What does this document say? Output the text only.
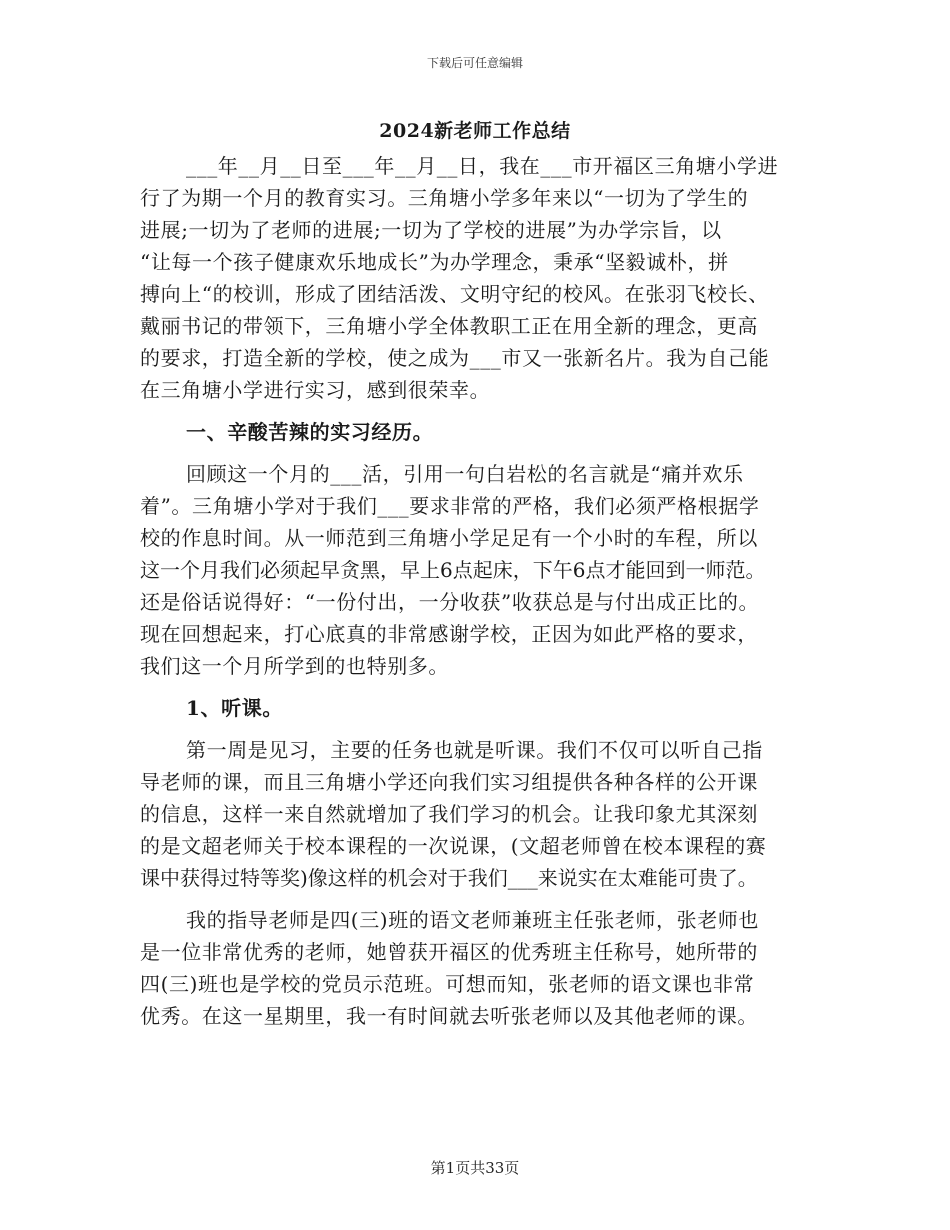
下载后可任意编辑
2024新老师工作总结
___年__月__日至___年__月__日，我在___市开福区三角塘小学进
行了为期一个月的教育实习。三角塘小学多年来以“一切为了学生的
进展;一切为了老师的进展;一切为了学校的进展”为办学宗旨，以
“让每一个孩子健康欢乐地成长”为办学理念，秉承“坚毅诚朴，拼
搏向上“的校训，形成了团结活泼、文明守纪的校风。在张羽飞校长、
戴丽书记的带领下，三角塘小学全体教职工正在用全新的理念，更高
的要求，打造全新的学校，使之成为___市又一张新名片。我为自己能
在三角塘小学进行实习，感到很荣幸。
一、辛酸苦辣的实习经历。
回顾这一个月的___活，引用一句白岩松的名言就是“痛并欢乐
着”。三角塘小学对于我们___要求非常的严格，我们必须严格根据学
校的作息时间。从一师范到三角塘小学足足有一个小时的车程，所以
这一个月我们必须起早贪黑，早上6点起床，下午6点才能回到一师范。
还是俗话说得好：“一份付出，一分收获”收获总是与付出成正比的。
现在回想起来，打心底真的非常感谢学校，正因为如此严格的要求，
我们这一个月所学到的也特别多。
1、听课。
第一周是见习，主要的任务也就是听课。我们不仅可以听自己指
导老师的课，而且三角塘小学还向我们实习组提供各种各样的公开课
的信息，这样一来自然就增加了我们学习的机会。让我印象尤其深刻
的是文超老师关于校本课程的一次说课，(文超老师曾在校本课程的赛
课中获得过特等奖)像这样的机会对于我们___来说实在太难能可贵了。
我的指导老师是四(三)班的语文老师兼班主任张老师，张老师也
是一位非常优秀的老师，她曾获开福区的优秀班主任称号，她所带的
四(三)班也是学校的党员示范班。可想而知，张老师的语文课也非常
优秀。在这一星期里，我一有时间就去听张老师以及其他老师的课。
第1页共33页
